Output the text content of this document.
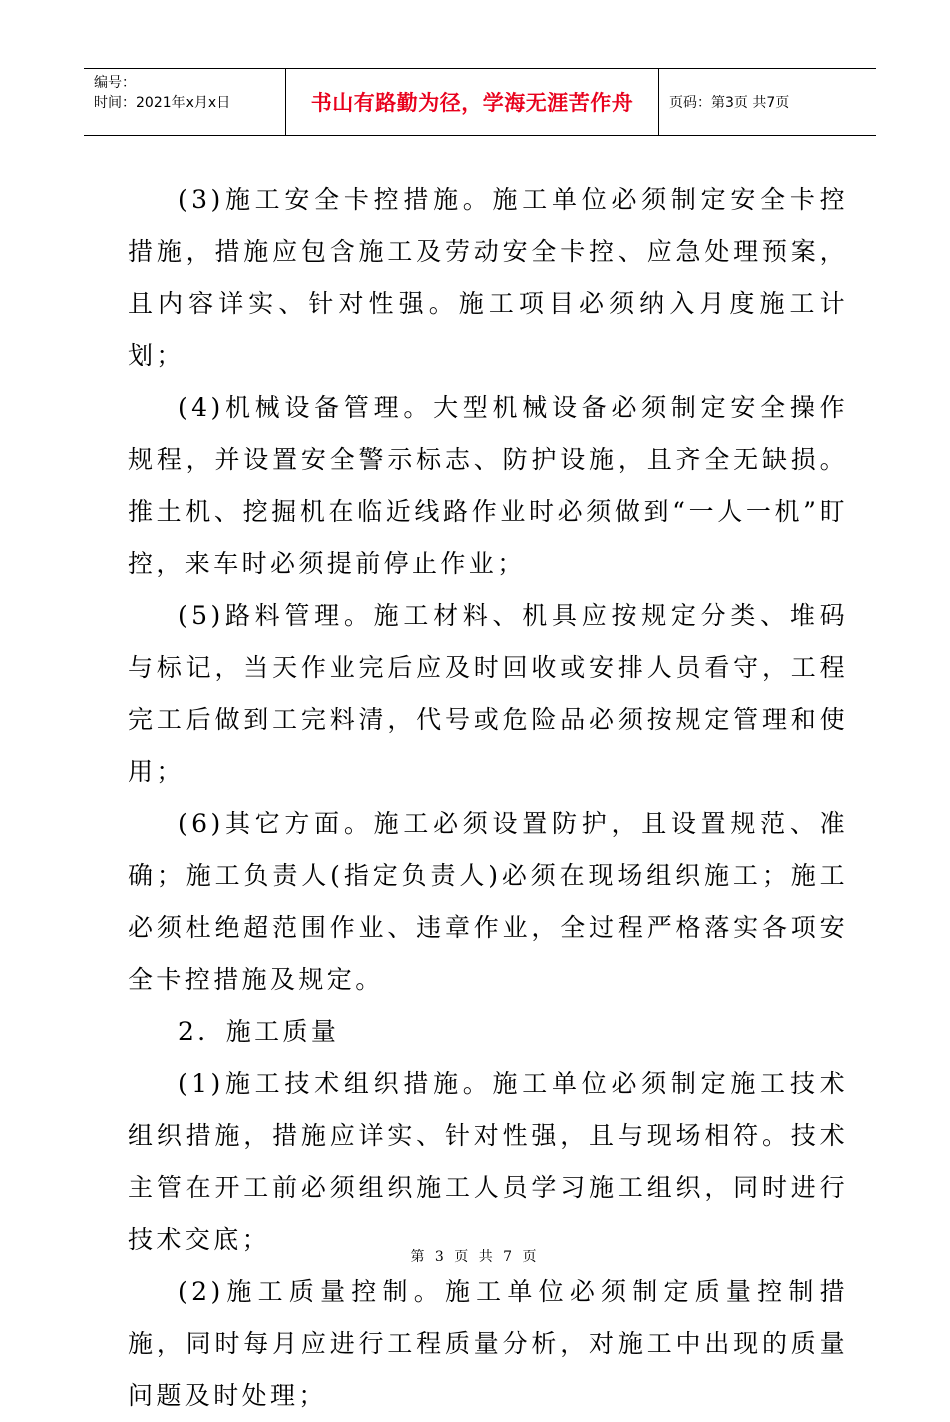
编号：
时间：2021年x月x日	书山有路勤为径，学海无涯苦作舟	页码：第3页 共7页

(3)施工安全卡控措施。施工单位必须制定安全卡控措施，措施应包含施工及劳动安全卡控、应急处理预案，且内容详实、针对性强。施工项目必须纳入月度施工计划；

(4)机械设备管理。大型机械设备必须制定安全操作规程，并设置安全警示标志、防护设施，且齐全无缺损。推土机、挖掘机在临近线路作业时必须做到“一人一机”盯控，来车时必须提前停止作业；

(5)路料管理。施工材料、机具应按规定分类、堆码与标记，当天作业完后应及时回收或安排人员看守，工程完工后做到工完料清，代号或危险品必须按规定管理和使用；

(6)其它方面。施工必须设置防护，且设置规范、准确；施工负责人(指定负责人)必须在现场组织施工；施工必须杜绝超范围作业、违章作业，全过程严格落实各项安全卡控措施及规定。

2．施工质量

(1)施工技术组织措施。施工单位必须制定施工技术组织措施，措施应详实、针对性强，且与现场相符。技术主管在开工前必须组织施工人员学习施工组织，同时进行技术交底；

(2)施工质量控制。施工单位必须制定质量控制措施，同时每月应进行工程质量分析，对施工中出现的质量问题及时处理；

第 3 页 共 7 页
